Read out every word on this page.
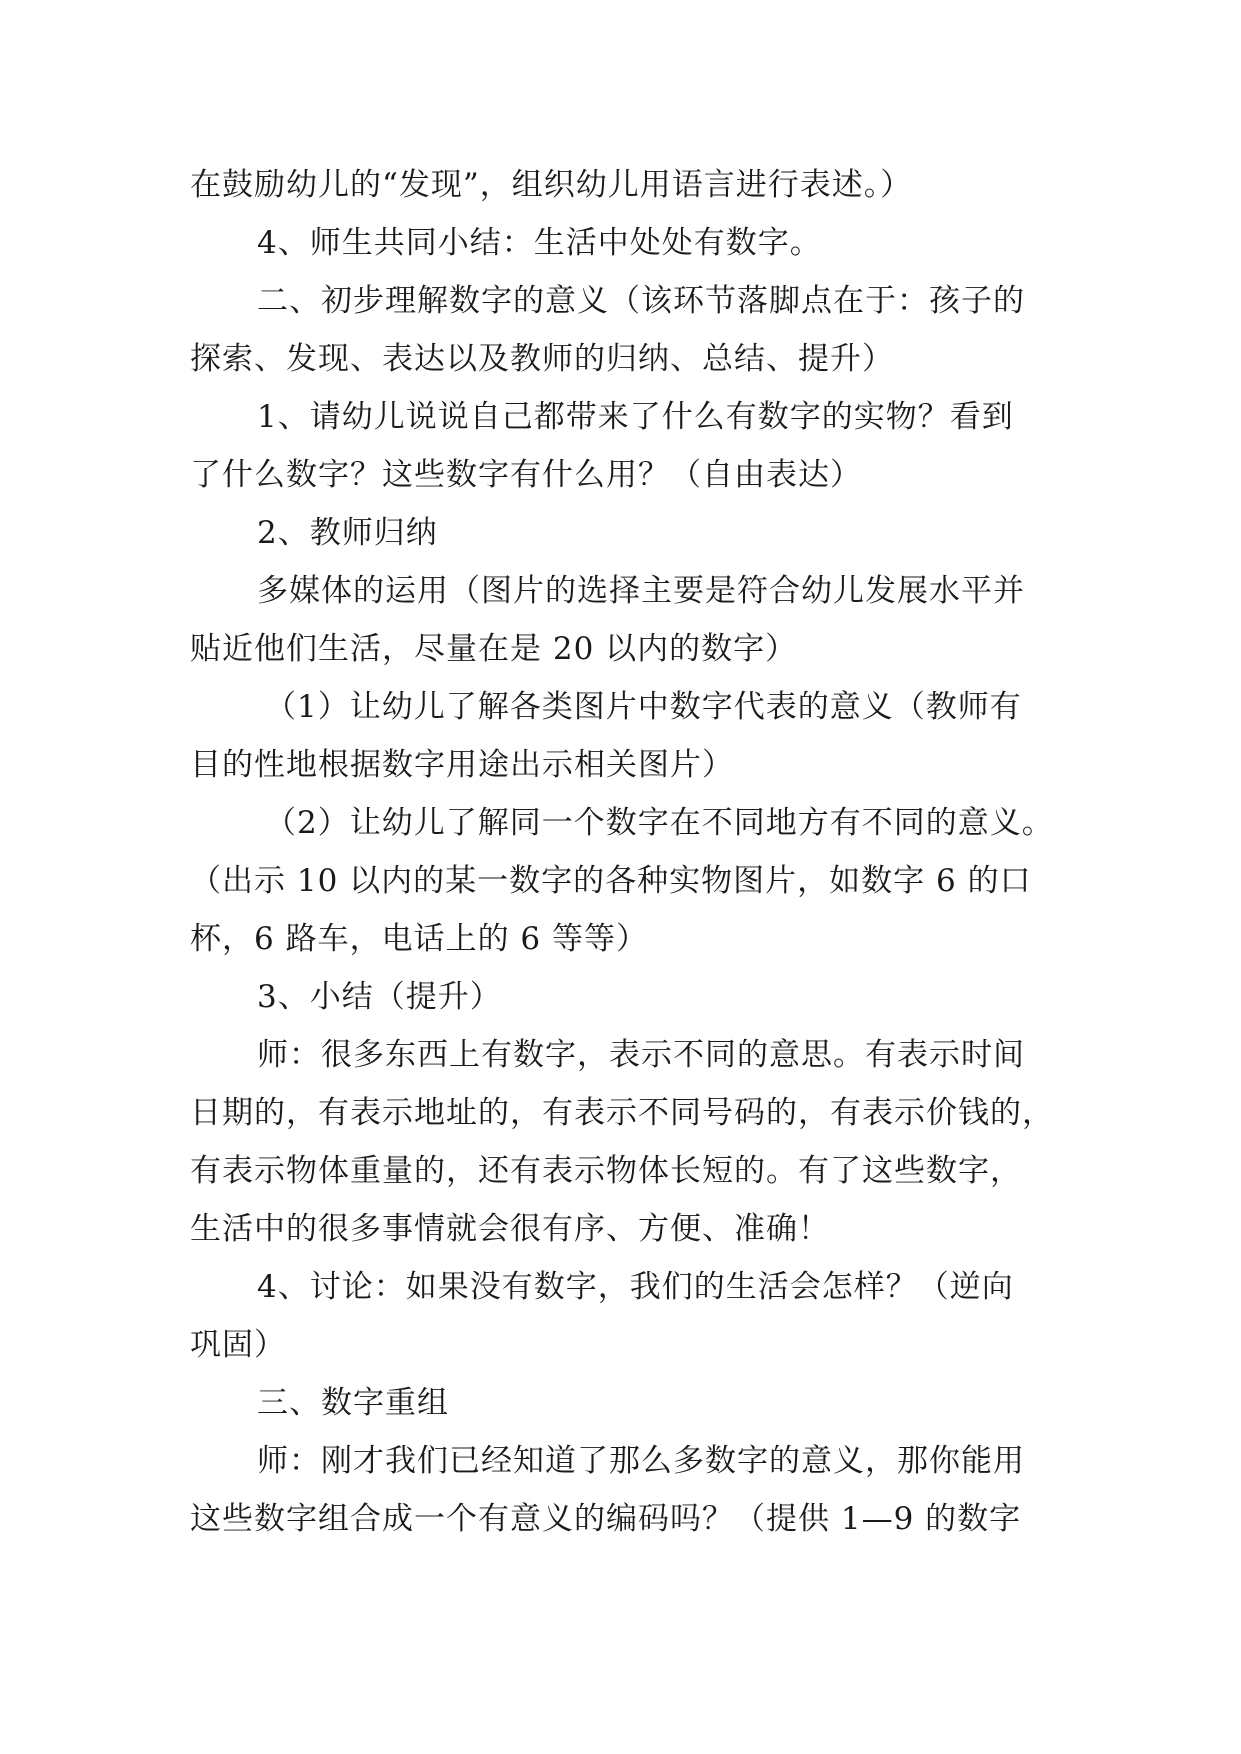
在鼓励幼儿的“发现”，组织幼儿用语言进行表述。）
4、师生共同小结：生活中处处有数字。
二、初步理解数字的意义（该环节落脚点在于：孩子的
探索、发现、表达以及教师的归纳、总结、提升）
1、请幼儿说说自己都带来了什么有数字的实物？看到
了什么数字？这些数字有什么用？（自由表达）
2、教师归纳
多媒体的运用（图片的选择主要是符合幼儿发展水平并
贴近他们生活，尽量在是 20 以内的数字）
（1）让幼儿了解各类图片中数字代表的意义（教师有
目的性地根据数字用途出示相关图片）
（2）让幼儿了解同一个数字在不同地方有不同的意义。
（出示 10 以内的某一数字的各种实物图片，如数字 6 的口
杯，6 路车，电话上的 6 等等）
3、小结（提升）
师：很多东西上有数字，表示不同的意思。有表示时间
日期的，有表示地址的，有表示不同号码的，有表示价钱的，
有表示物体重量的，还有表示物体长短的。有了这些数字，
生活中的很多事情就会很有序、方便、准确！
4、讨论：如果没有数字，我们的生活会怎样？（逆向
巩固）
三、数字重组
师：刚才我们已经知道了那么多数字的意义，那你能用
这些数字组合成一个有意义的编码吗？（提供 1—9 的数字
